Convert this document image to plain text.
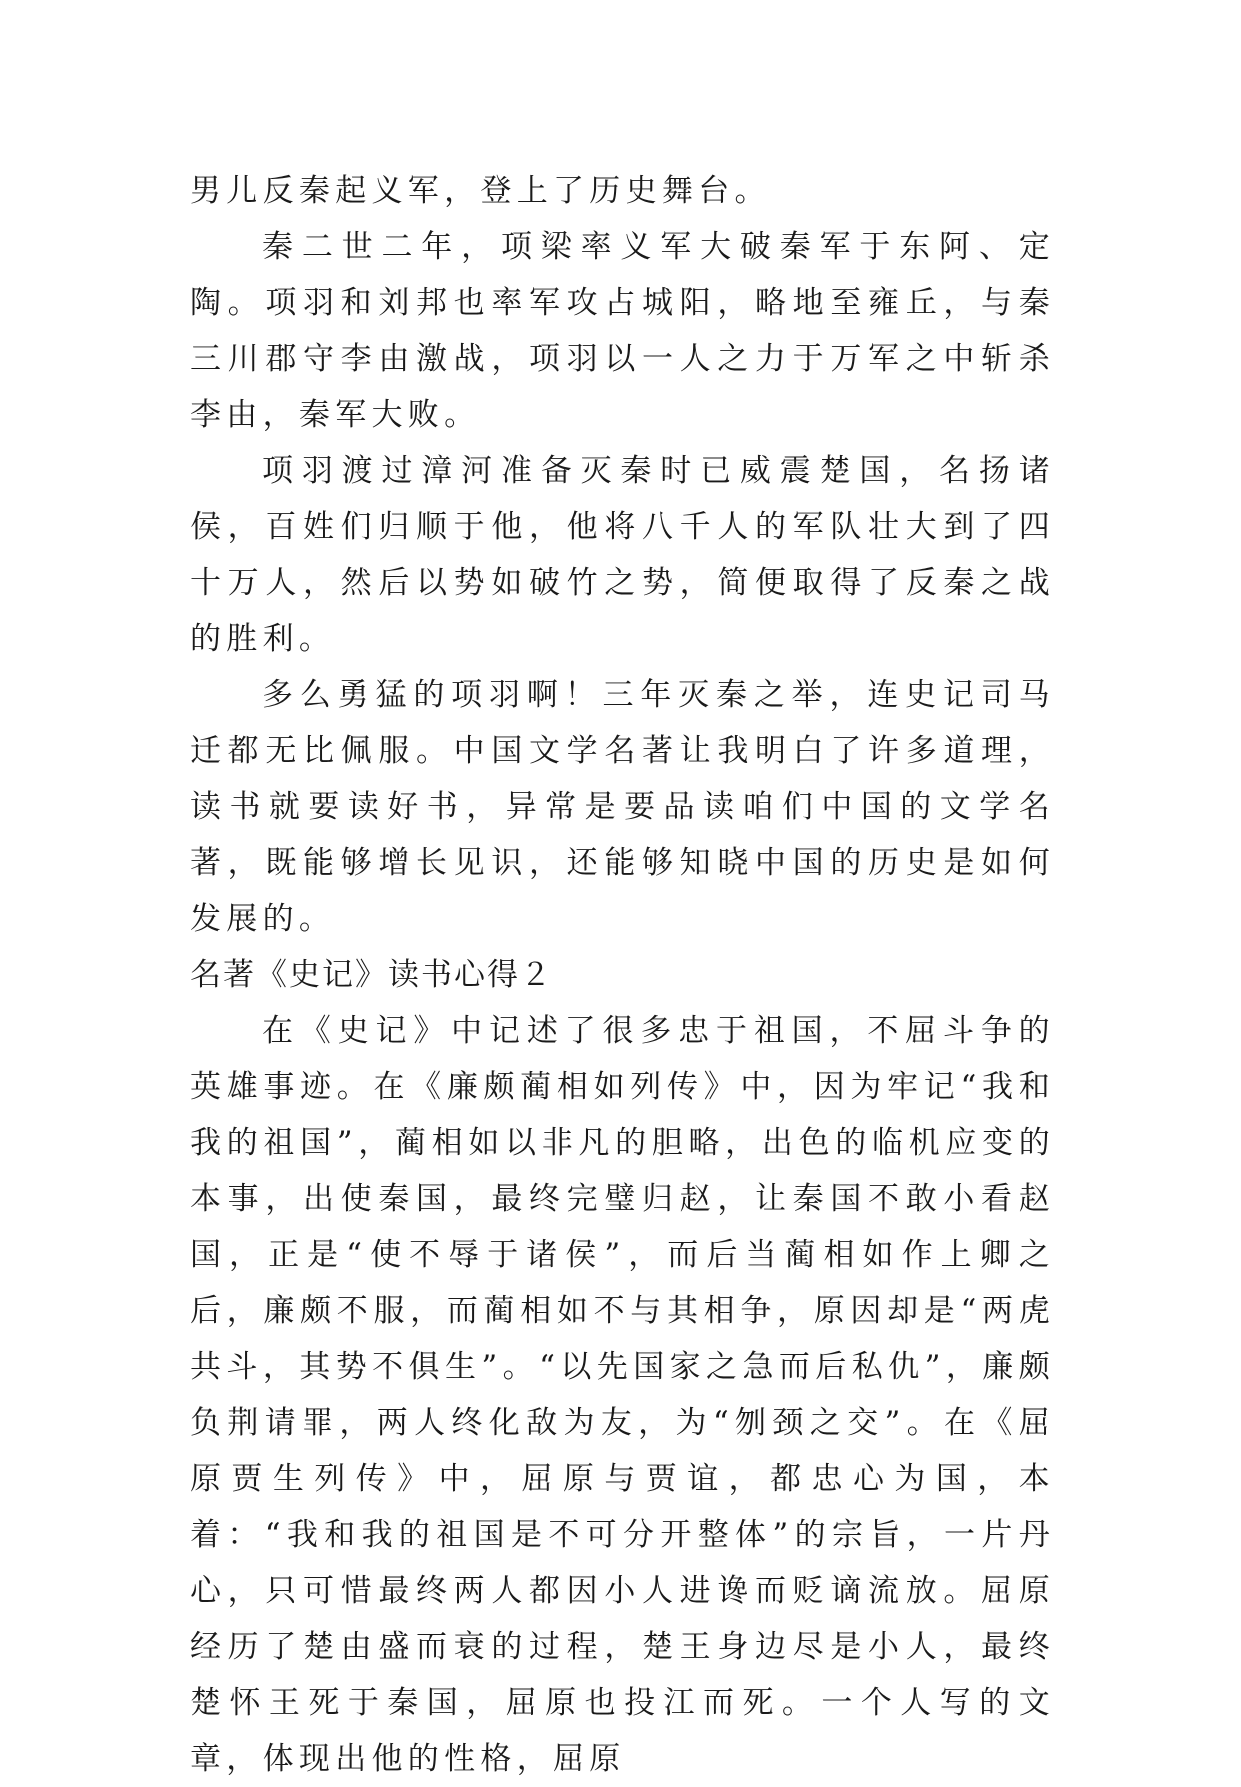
男儿反秦起义军，登上了历史舞台。

秦二世二年，项梁率义军大破秦军于东阿、定陶。项羽和刘邦也率军攻占城阳，略地至雍丘，与秦三川郡守李由激战，项羽以一人之力于万军之中斩杀李由，秦军大败。

项羽渡过漳河准备灭秦时已威震楚国，名扬诸侯，百姓们归顺于他，他将八千人的军队壮大到了四十万人，然后以势如破竹之势，简便取得了反秦之战的胜利。

多么勇猛的项羽啊！三年灭秦之举，连史记司马迁都无比佩服。中国文学名著让我明白了许多道理，读书就要读好书，异常是要品读咱们中国的文学名著，既能够增长见识，还能够知晓中国的历史是如何发展的。

名著《史记》读书心得２

在《史记》中记述了很多忠于祖国，不屈斗争的英雄事迹。在《廉颇蔺相如列传》中，因为牢记“我和我的祖国”，蔺相如以非凡的胆略，出色的临机应变的本事，出使秦国，最终完璧归赵，让秦国不敢小看赵国，正是“使不辱于诸侯”，而后当蔺相如作上卿之后，廉颇不服，而蔺相如不与其相争，原因却是“两虎共斗，其势不俱生”。“以先国家之急而后私仇”，廉颇负荆请罪，两人终化敌为友，为“刎颈之交”。在《屈原贾生列传》中，屈原与贾谊，都忠心为国，本着：“我和我的祖国是不可分开整体”的宗旨，一片丹心，只可惜最终两人都因小人进谗而贬谪流放。屈原经历了楚由盛而衰的过程，楚王身边尽是小人，最终楚怀王死于秦国，屈原也投江而死。一个人写的文章，体现出他的性格，屈原
